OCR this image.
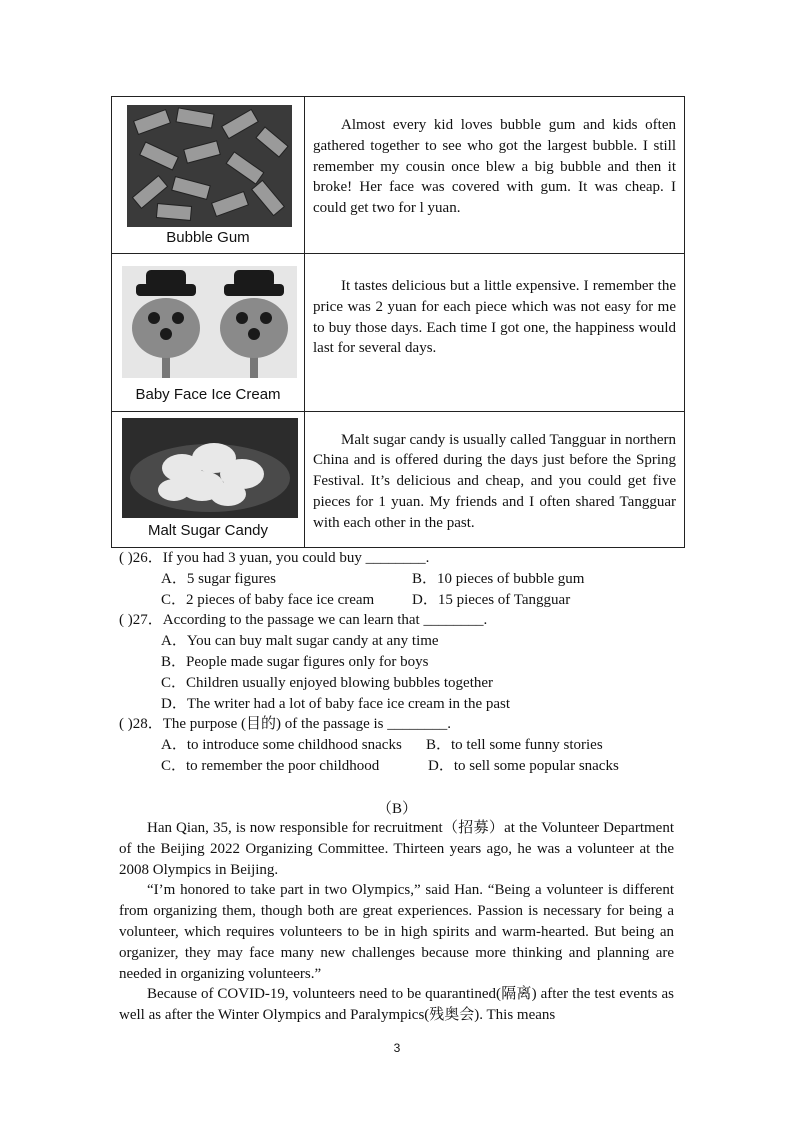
Bubble Gum

Almost every kid loves bubble gum and kids often gathered together to see who got the largest bubble. I still remember my cousin once blew a big bubble and then it broke! Her face was covered with gum. It was cheap. I could get two for l yuan.

Baby Face Ice Cream

It tastes delicious but a little expensive. I remember the price was 2 yuan for each piece which was not easy for me to buy those days. Each time I got one, the happiness would last for several days.

Malt Sugar Candy

Malt sugar candy is usually called Tangguar in northern China and is offered during the days just before the Spring Festival. It’s delicious and cheap, and you could get five pieces for 1 yuan. My friends and I often shared Tangguar with each other in the past.

( )26．If you had 3 yuan, you could buy ________.
A．5 sugar figures	B．10 pieces of bubble gum
C．2 pieces of baby face ice cream	D．15 pieces of Tangguar
( )27．According to the passage we can learn that ________.
A．You can buy malt sugar candy at any time
B．People made sugar figures only for boys
C．Children usually enjoyed blowing bubbles together
D．The writer had a lot of baby face ice cream in the past
( )28．The purpose (目的) of the passage is ________.
A．to introduce some childhood snacks B．to tell some funny stories
C．to remember the poor childhood	D．to sell some popular snacks
（B）

Han Qian, 35, is now responsible for recruitment（招募）at the Volunteer Department of the Beijing 2022 Organizing Committee. Thirteen years ago, he was a volunteer at the 2008 Olympics in Beijing.

“I’m honored to take part in two Olympics,” said Han. “Being a volunteer is different from organizing them, though both are great experiences. Passion is necessary for being a volunteer, which requires volunteers to be in high spirits and warm-hearted. But being an organizer, they may face many new challenges because more thinking and planning are needed in organizing volunteers.”

Because of COVID-19, volunteers need to be quarantined(隔离) after the test events as well as after the Winter Olympics and Paralympics(残奥会). This means

3
